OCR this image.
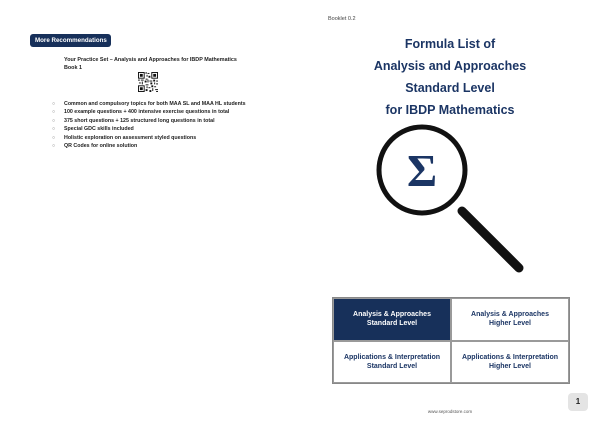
More Recommendations
Your Practice Set – Analysis and Approaches for IBDP Mathematics
Book 1
○ Common and compulsory topics for both MAA SL and MAA HL students
○ 100 example questions + 400 intensive exercise questions in total
○ 375 short questions + 125 structured long questions in total
○ Special GDC skills included
○ Holistic exploration on assessment styled questions
○ QR Codes for online solution
Booklet 0.2
Formula List of
Analysis and Approaches
Standard Level
for IBDP Mathematics
Σ
Analysis & Approaches
Standard Level
Analysis & Approaches
Higher Level
Applications & Interpretation
Standard Level
Applications & Interpretation
Higher Level
1
www.seprodstore.com
